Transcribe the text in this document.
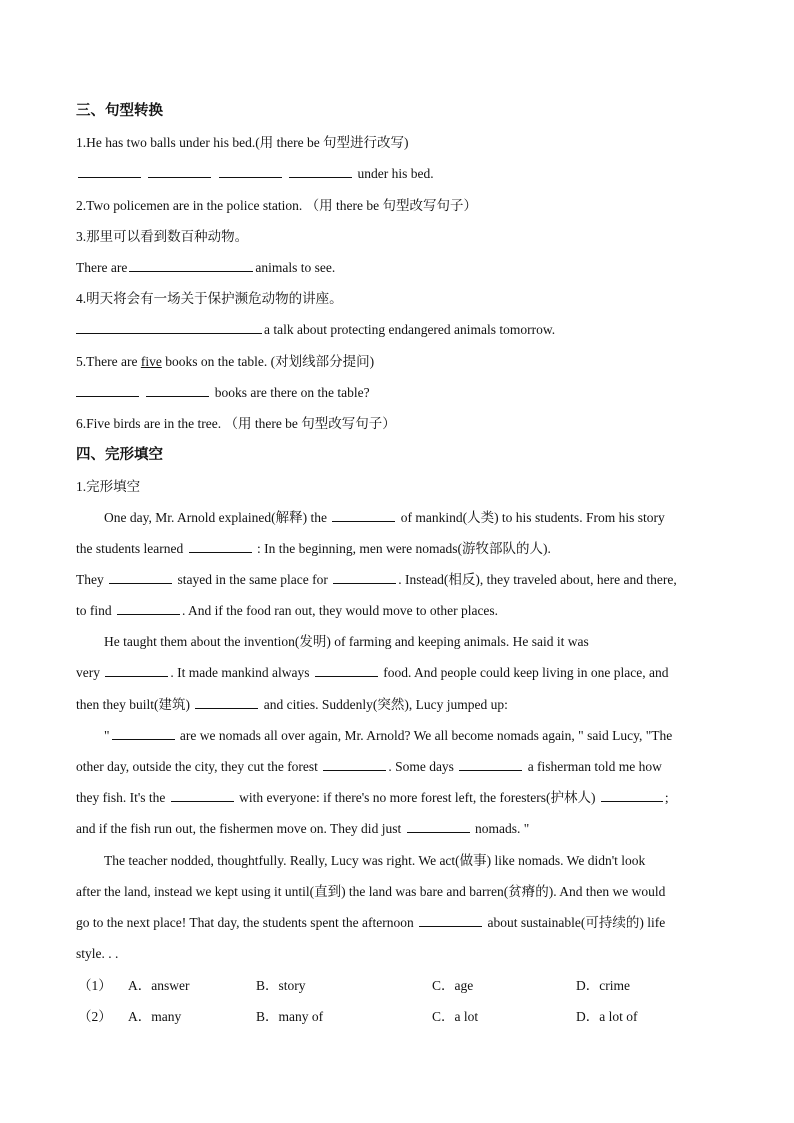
三、句型转换
1.He has two balls under his bed.(用 there be 句型进行改写)
under his bed.
2.Two policemen are in the police station. （用 there be 句型改写句子）
3.那里可以看到数百种动物。
There are	animals to see.
4.明天将会有一场关于保护濒危动物的讲座。
a talk about protecting endangered animals tomorrow.
5.There are five books on the table. (对划线部分提问)
books are there on the table?
6.Five birds are in the tree. （用 there be 句型改写句子）
四、完形填空
1.完形填空
One day, Mr. Arnold explained(解释) the	of mankind(人类) to his students. From his story
the students learned	: In the beginning, men were nomads(游牧部队的人).
They	stayed in the same place for	. Instead(相反), they traveled about, here and there,
to find	. And if the food ran out, they would move to other places.
He taught them about the invention(发明) of farming and keeping animals. He said it was
very	. It made mankind always	food. And people could keep living in one place, and
then they built(建筑)	and cities. Suddenly(突然), Lucy jumped up:
"	are we nomads all over again, Mr. Arnold? We all become nomads again, " said Lucy, "The
other day, outside the city, they cut the forest	. Some days	a fisherman told me how
they fish. It's the	with everyone: if there's no more forest left, the foresters(护林人)	;
and if the fish run out, the fishermen move on. They did just	nomads. "
The teacher nodded, thoughtfully. Really, Lucy was right. We act(做事) like nomads. We didn't look
after the land, instead we kept using it until(直到) the land was bare and barren(贫瘠的). And then we would
go to the next place! That day, the students spent the afternoon	about sustainable(可持续的) life
style. . .
（1） A．answer	B．story	C．age	D．crime
（2） A．many	B．many of	C．a lot	D．a lot of
